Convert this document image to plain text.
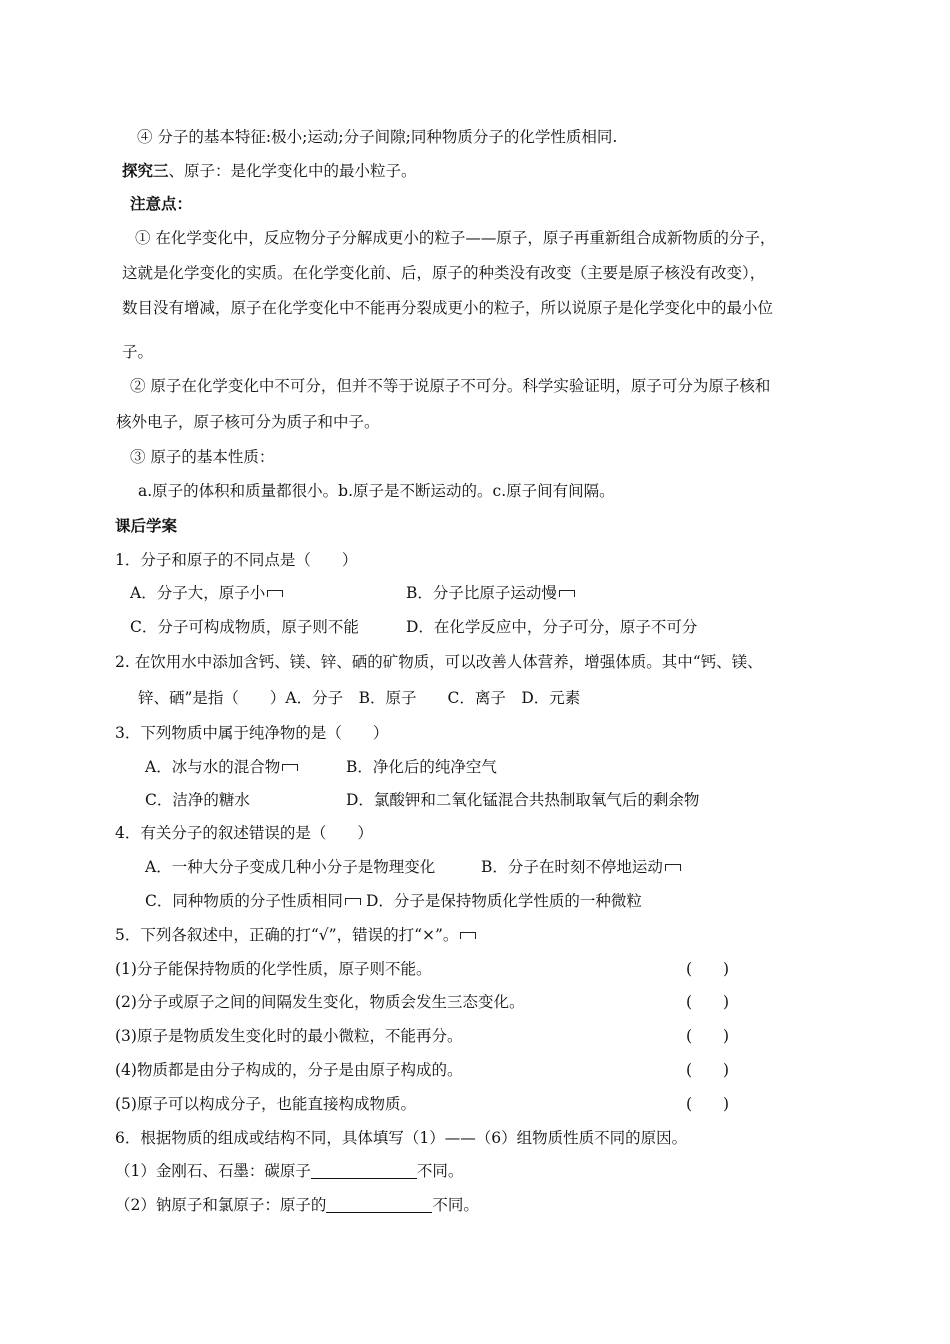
④ 分子的基本特征:极小;运动;分子间隙;同种物质分子的化学性质相同.
探究三、原子：是化学变化中的最小粒子。
注意点：
① 在化学变化中，反应物分子分解成更小的粒子——原子，原子再重新组合成新物质的分子，
这就是化学变化的实质。在化学变化前、后，原子的种类没有改变（主要是原子核没有改变），
数目没有增减，原子在化学变化中不能再分裂成更小的粒子，所以说原子是化学变化中的最小位
子。
② 原子在化学变化中不可分，但并不等于说原子不可分。科学实验证明，原子可分为原子核和
核外电子，原子核可分为质子和中子。
③ 原子的基本性质：
a.原子的体积和质量都很小。b.原子是不断运动的。c.原子间有间隔。
课后学案
1．分子和原子的不同点是（　　）
A．分子大，原子小	B．分子比原子运动慢
C．分子可构成物质，原子则不能	D．在化学反应中，分子可分，原子不可分
2. 在饮用水中添加含钙、镁、锌、硒的矿物质，可以改善人体营养，增强体质。其中“钙、镁、
锌、硒”是指（　　）A．分子　B．原子　　C．离子　D．元素
3．下列物质中属于纯净物的是（　　）
A．冰与水的混合物	B．净化后的纯净空气
C．洁净的糖水	D．氯酸钾和二氧化锰混合共热制取氧气后的剩余物
4．有关分子的叙述错误的是（　　）
A．一种大分子变成几种小分子是物理变化	B．分子在时刻不停地运动
C．同种物质的分子性质相同	D．分子是保持物质化学性质的一种微粒
5．下列各叙述中，正确的打“√”，错误的打“×”。
(1)分子能保持物质的化学性质，原子则不能。	(　　)
(2)分子或原子之间的间隔发生变化，物质会发生三态变化。	(　　)
(3)原子是物质发生变化时的最小微粒，不能再分。	(　　)
(4)物质都是由分子构成的，分子是由原子构成的。	(　　)
(5)原子可以构成分子，也能直接构成物质。	(　　)
6．根据物质的组成或结构不同，具体填写（1）——（6）组物质性质不同的原因。
（1）金刚石、石墨：碳原子	不同。
（2）钠原子和氯原子：原子的	不同。
